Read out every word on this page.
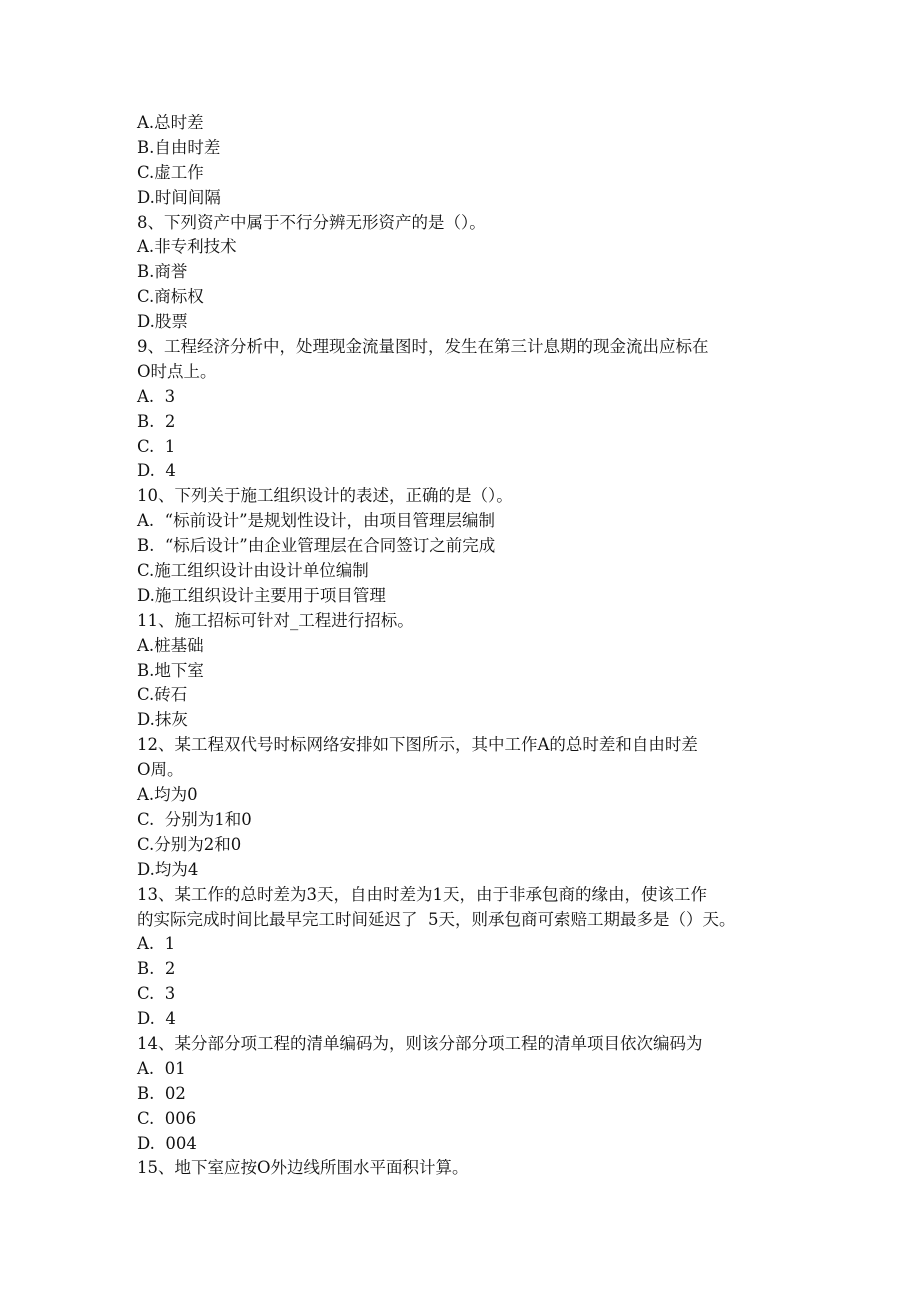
A.总时差
B.自由时差
C.虚工作
D.时间间隔
8、下列资产中属于不行分辨无形资产的是（）。
A.非专利技术
B.商誉
C.商标权
D.股票
9、工程经济分析中，处理现金流量图时，发生在第三计息期的现金流出应标在
O时点上。
A.  3
B.  2
C.  1
D.  4
10、下列关于施工组织设计的表述，正确的是（）。
A.  “标前设计”是规划性设计，由项目管理层编制
B.  “标后设计”由企业管理层在合同签订之前完成
C.施工组织设计由设计单位编制
D.施工组织设计主要用于项目管理
11、施工招标可针对_工程进行招标。
A.桩基础
B.地下室
C.砖石
D.抹灰
12、某工程双代号时标网络安排如下图所示，其中工作A的总时差和自由时差
O周。
A.均为0
C.  分别为1和0
C.分别为2和0
D.均为4
13、某工作的总时差为3天，自由时差为1天，由于非承包商的缘由，使该工作
的实际完成时间比最早完工时间延迟了  5天，则承包商可索赔工期最多是（）天。
A.  1
B.  2
C.  3
D.  4
14、某分部分项工程的清单编码为，则该分部分项工程的清单项目依次编码为
A.  01
B.  02
C.  006
D.  004
15、地下室应按O外边线所围水平面积计算。
